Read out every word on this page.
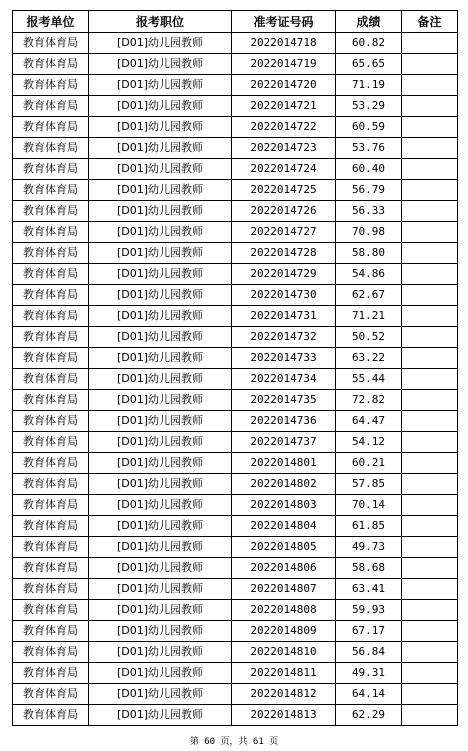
报考单位	报考职位	准考证号码	成绩	备注
教育体育局	[D01]幼儿园教师	2022014718	60.82	
教育体育局	[D01]幼儿园教师	2022014719	65.65	
教育体育局	[D01]幼儿园教师	2022014720	71.19	
教育体育局	[D01]幼儿园教师	2022014721	53.29	
教育体育局	[D01]幼儿园教师	2022014722	60.59	
教育体育局	[D01]幼儿园教师	2022014723	53.76	
教育体育局	[D01]幼儿园教师	2022014724	60.40	
教育体育局	[D01]幼儿园教师	2022014725	56.79	
教育体育局	[D01]幼儿园教师	2022014726	56.33	
教育体育局	[D01]幼儿园教师	2022014727	70.98	
教育体育局	[D01]幼儿园教师	2022014728	58.80	
教育体育局	[D01]幼儿园教师	2022014729	54.86	
教育体育局	[D01]幼儿园教师	2022014730	62.67	
教育体育局	[D01]幼儿园教师	2022014731	71.21	
教育体育局	[D01]幼儿园教师	2022014732	50.52	
教育体育局	[D01]幼儿园教师	2022014733	63.22	
教育体育局	[D01]幼儿园教师	2022014734	55.44	
教育体育局	[D01]幼儿园教师	2022014735	72.82	
教育体育局	[D01]幼儿园教师	2022014736	64.47	
教育体育局	[D01]幼儿园教师	2022014737	54.12	
教育体育局	[D01]幼儿园教师	2022014801	60.21	
教育体育局	[D01]幼儿园教师	2022014802	57.85	
教育体育局	[D01]幼儿园教师	2022014803	70.14	
教育体育局	[D01]幼儿园教师	2022014804	61.85	
教育体育局	[D01]幼儿园教师	2022014805	49.73	
教育体育局	[D01]幼儿园教师	2022014806	58.68	
教育体育局	[D01]幼儿园教师	2022014807	63.41	
教育体育局	[D01]幼儿园教师	2022014808	59.93	
教育体育局	[D01]幼儿园教师	2022014809	67.17	
教育体育局	[D01]幼儿园教师	2022014810	56.84	
教育体育局	[D01]幼儿园教师	2022014811	49.31	
教育体育局	[D01]幼儿园教师	2022014812	64.14	
教育体育局	[D01]幼儿园教师	2022014813	62.29	
第 60 页，共 61 页
